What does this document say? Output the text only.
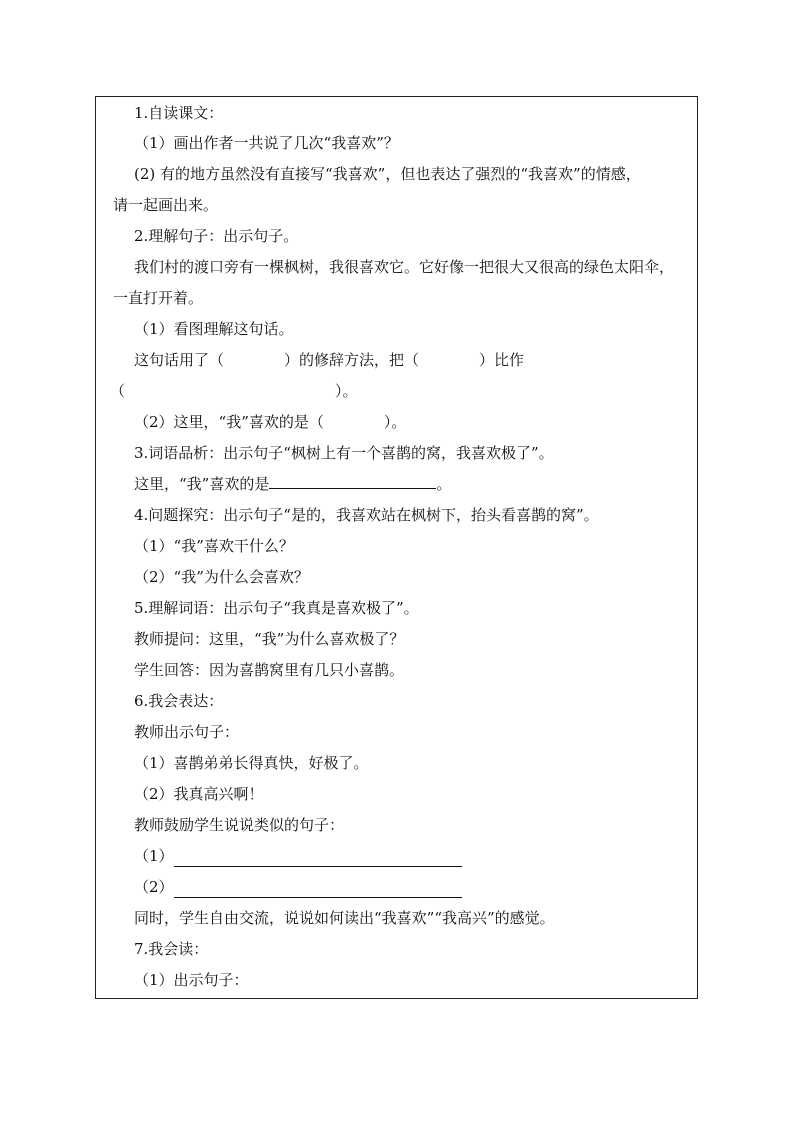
1.自读课文：

（1）画出作者一共说了几次“我喜欢”？

(2) 有的地方虽然没有直接写“我喜欢”，但也表达了强烈的“我喜欢”的情感，

请一起画出来。

2.理解句子：出示句子。

我们村的渡口旁有一棵枫树，我很喜欢它。它好像一把很大又很高的绿色太阳伞，

一直打开着。

（1）看图理解这句话。

这句话用了（　　　　）的修辞方法，把（　　　　）比作

（　　　　　　　　　　　　　　）。

（2）这里，“我”喜欢的是（　　　　）。

3.词语品析：出示句子“枫树上有一个喜鹊的窝，我喜欢极了”。

这里，“我”喜欢的是	。

4.问题探究：出示句子“是的，我喜欢站在枫树下，抬头看喜鹊的窝”。

（1）“我”喜欢干什么？

（2）“我”为什么会喜欢？

5.理解词语：出示句子“我真是喜欢极了”。

教师提问：这里，“我”为什么喜欢极了？

学生回答：因为喜鹊窝里有几只小喜鹊。

6.我会表达：

教师出示句子：

（1）喜鹊弟弟长得真快，好极了。

（2）我真高兴啊！

教师鼓励学生说说类似的句子：

（1）

（2）

同时，学生自由交流，说说如何读出“我喜欢”“我高兴”的感觉。

7.我会读：

（1）出示句子：
